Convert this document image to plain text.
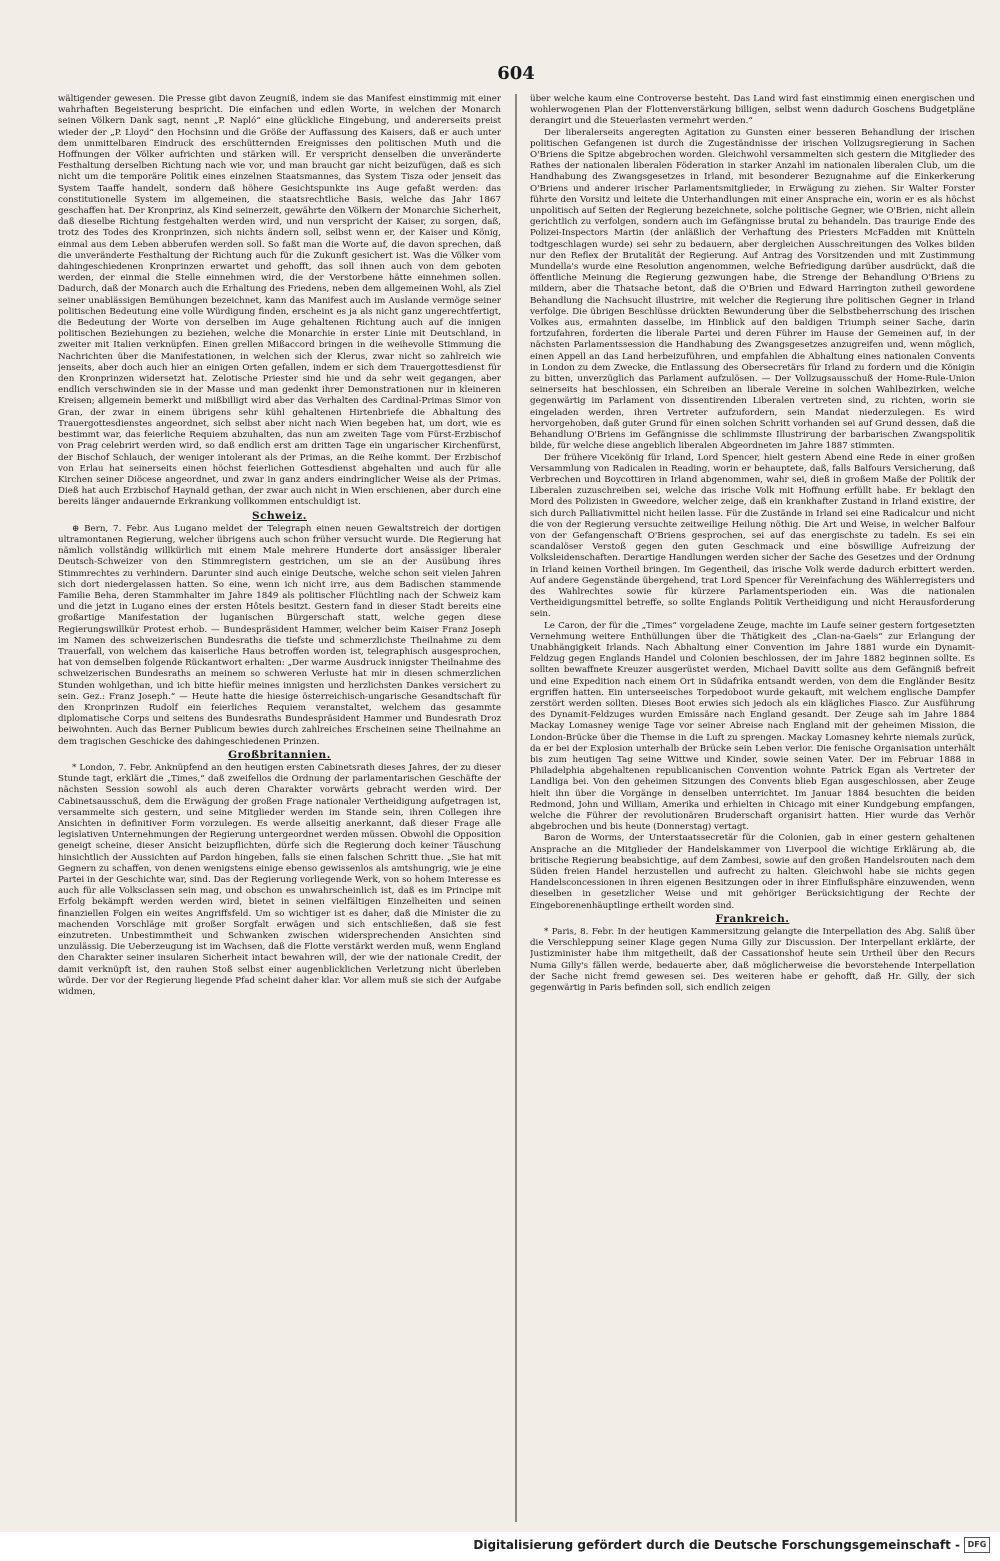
604

wältigender gewesen. Die Presse gibt davon Zeugniß, indem sie das Manifest einstimmig mit einer wahrhaften Begeisterung bespricht. Die einfachen und edlen Worte, in welchen der Monarch seinen Völkern Dank sagt, nennt „P. Napló“ eine glückliche Eingebung, und andererseits preist wieder der „P. Lloyd“ den Hochsinn und die Größe der Auffassung des Kaisers, daß er auch unter dem unmittelbaren Eindruck des erschütternden Ereignisses den politischen Muth und die Hoffnungen der Völker aufrichten und stärken will. Er verspricht denselben die unveränderte Festhaltung derselben Richtung nach wie vor, und man braucht gar nicht beizufügen, daß es sich nicht um die temporäre Politik eines einzelnen Staatsmannes, das System Tisza oder jenseit das System Taaffe handelt, sondern daß höhere Gesichtspunkte ins Auge gefaßt werden: das constitutionelle System im allgemeinen, die staatsrechtliche Basis, welche das Jahr 1867 geschaffen hat. Der Kronprinz, als Kind seinerzeit, gewährte den Völkern der Monarchie Sicherheit, daß dieselbe Richtung festgehalten werden wird, und nun verspricht der Kaiser, zu sorgen, daß, trotz des Todes des Kronprinzen, sich nichts ändern soll, selbst wenn er, der Kaiser und König, einmal aus dem Leben abberufen werden soll. So faßt man die Worte auf, die davon sprechen, daß die unveränderte Festhaltung der Richtung auch für die Zukunft gesichert ist. Was die Völker vom dahingeschiedenen Kronprinzen erwartet und gehofft, das soll ihnen auch von dem geboten werden, der einmal die Stelle einnehmen wird, die der Verstorbene hätte einnehmen sollen. Dadurch, daß der Monarch auch die Erhaltung des Friedens, neben dem allgemeinen Wohl, als Ziel seiner unablässigen Bemühungen bezeichnet, kann das Manifest auch im Auslande vermöge seiner politischen Bedeutung eine volle Würdigung finden, erscheint es ja als nicht ganz ungerechtfertigt, die Bedeutung der Worte von derselben im Auge gehaltenen Richtung auch auf die innigen politischen Beziehungen zu beziehen, welche die Monarchie in erster Linie mit Deutschland, in zweiter mit Italien verknüpfen. Einen grellen Mißaccord bringen in die weihevolle Stimmung die Nachrichten über die Manifestationen, in welchen sich der Klerus, zwar nicht so zahlreich wie jenseits, aber doch auch hier an einigen Orten gefallen, indem er sich dem Trauergottesdienst für den Kronprinzen widersetzt hat. Zelotische Priester sind hie und da sehr weit gegangen, aber endlich verschwinden sie in der Masse und man gedenkt ihrer Demonstrationen nur in kleineren Kreisen; allgemein bemerkt und mißbilligt wird aber das Verhalten des Cardinal-Primas Simor von Gran, der zwar in einem übrigens sehr kühl gehaltenen Hirtenbriefe die Abhaltung des Trauergottesdienstes angeordnet, sich selbst aber nicht nach Wien begeben hat, um dort, wie es bestimmt war, das feierliche Requiem abzuhalten, das nun am zweiten Tage vom Fürst-Erzbischof von Prag celebrirt werden wird, so daß endlich erst am dritten Tage ein ungarischer Kirchenfürst, der Bischof Schlauch, der weniger intolerant als der Primas, an die Reihe kommt. Der Erzbischof von Erlau hat seinerseits einen höchst feierlichen Gottesdienst abgehalten und auch für alle Kirchen seiner Diöcese angeordnet, und zwar in ganz anders eindringlicher Weise als der Primas. Dieß hat auch Erzbischof Haynald gethan, der zwar auch nicht in Wien erschienen, aber durch eine bereits länger andauernde Erkrankung vollkommen entschuldigt ist.

Schweiz.

⊕ Bern, 7. Febr. Aus Lugano meldet der Telegraph einen neuen Gewaltstreich der dortigen ultramontanen Regierung, welcher übrigens auch schon früher versucht wurde. Die Regierung hat nämlich vollständig willkürlich mit einem Male mehrere Hunderte dort ansässiger liberaler Deutsch-Schweizer von den Stimmregistern gestrichen, um sie an der Ausübung ihres Stimmrechtes zu verhindern. Darunter sind auch einige Deutsche, welche schon seit vielen Jahren sich dort niedergelassen hatten. So eine, wenn ich nicht irre, aus dem Badischen stammende Familie Beha, deren Stammhalter im Jahre 1849 als politischer Flüchtling nach der Schweiz kam und die jetzt in Lugano eines der ersten Hôtels besitzt. Gestern fand in dieser Stadt bereits eine großartige Manifestation der luganischen Bürgerschaft statt, welche gegen diese Regierungswillkür Protest erhob. — Bundespräsident Hammer, welcher beim Kaiser Franz Joseph im Namen des schweizerischen Bundesraths die tiefste und schmerzlichste Theilnahme zu dem Trauerfall, von welchem das kaiserliche Haus betroffen worden ist, telegraphisch ausgesprochen, hat von demselben folgende Rückantwort erhalten: „Der warme Ausdruck innigster Theilnahme des schweizerischen Bundesraths an meinem so schweren Verluste hat mir in diesen schmerzlichen Stunden wohlgethan, und ich bitte hiefür meines innigsten und herzlichsten Dankes versichert zu sein. Gez.: Franz Joseph.“ — Heute hatte die hiesige österreichisch-ungarische Gesandtschaft für den Kronprinzen Rudolf ein feierliches Requiem veranstaltet, welchem das gesammte diplomatische Corps und seitens des Bundesraths Bundespräsident Hammer und Bundesrath Droz beiwohnten. Auch das Berner Publicum bewies durch zahlreiches Erscheinen seine Theilnahme an dem tragischen Geschicke des dahingeschiedenen Prinzen.

Großbritannien.

* London, 7. Febr. Anknüpfend an den heutigen ersten Cabinetsrath dieses Jahres, der zu dieser Stunde tagt, erklärt die „Times,“ daß zweifellos die Ordnung der parlamentarischen Geschäfte der nächsten Session sowohl als auch deren Charakter vorwärts gebracht werden wird. Der Cabinetsausschuß, dem die Erwägung der großen Frage nationaler Vertheidigung aufgetragen ist, versammelte sich gestern, und seine Mitglieder werden im Stande sein, ihren Collegen ihre Ansichten in definitiver Form vorzulegen. Es werde allseitig anerkannt, daß dieser Frage alle legislativen Unternehmungen der Regierung untergeordnet werden müssen. Obwohl die Opposition geneigt scheine, dieser Ansicht beizupflichten, dürfe sich die Regierung doch keiner Täuschung hinsichtlich der Aussichten auf Pardon hingeben, falls sie einen falschen Schritt thue. „Sie hat mit Gegnern zu schaffen, von denen wenigstens einige ebenso gewissenlos als amtshungrig, wie je eine Partei in der Geschichte war, sind. Das der Regierung vorliegende Werk, von so hohem Interesse es auch für alle Volksclassen sein mag, und obschon es unwahrscheinlich ist, daß es im Principe mit Erfolg bekämpft werden werden wird, bietet in seinen vielfältigen Einzelheiten und seinen finanziellen Folgen ein weites Angriffsfeld. Um so wichtiger ist es daher, daß die Minister die zu machenden Vorschläge mit großer Sorgfalt erwägen und sich entschließen, daß sie fest einzutreten. Unbestimmtheit und Schwanken zwischen widersprechenden Ansichten sind unzulässig. Die Ueberzeugung ist im Wachsen, daß die Flotte verstärkt werden muß, wenn England den Charakter seiner insularen Sicherheit intact bewahren will, der wie der nationale Credit, der damit verknüpft ist, den rauhen Stoß selbst einer augenblicklichen Verletzung nicht überleben würde. Der vor der Regierung liegende Pfad scheint daher klar. Vor allem muß sie sich der Aufgabe widmen,

über welche kaum eine Controverse besteht. Das Land wird fast einstimmig einen energischen und wohlerwogenen Plan der Flottenverstärkung billigen, selbst wenn dadurch Goschens Budgetpläne derangirt und die Steuerlasten vermehrt werden.“

Der liberalerseits angeregten Agitation zu Gunsten einer besseren Behandlung der irischen politischen Gefangenen ist durch die Zugeständnisse der irischen Vollzugsregierung in Sachen O'Briens die Spitze abgebrochen worden. Gleichwohl versammelten sich gestern die Mitglieder des Rathes der nationalen liberalen Föderation in starker Anzahl im nationalen liberalen Club, um die Handhabung des Zwangsgesetzes in Irland, mit besonderer Bezugnahme auf die Einkerkerung O'Briens und anderer irischer Parlamentsmitglieder, in Erwägung zu ziehen. Sir Walter Forster führte den Vorsitz und leitete die Unterhandlungen mit einer Ansprache ein, worin er es als höchst unpolitisch auf Seiten der Regierung bezeichnete, solche politische Gegner, wie O'Brien, nicht allein gerichtlich zu verfolgen, sondern auch im Gefängnisse brutal zu behandeln. Das traurige Ende des Polizei-Inspectors Martin (der anläßlich der Verhaftung des Priesters McFadden mit Knütteln todtgeschlagen wurde) sei sehr zu bedauern, aber dergleichen Ausschreitungen des Volkes bilden nur den Reflex der Brutalität der Regierung. Auf Antrag des Vorsitzenden und mit Zustimmung Mundella's wurde eine Resolution angenommen, welche Befriedigung darüber ausdrückt, daß die öffentliche Meinung die Regierung gezwungen habe, die Strenge der Behandlung O'Briens zu mildern, aber die Thatsache betont, daß die O'Brien und Edward Harrington zutheil gewordene Behandlung die Nachsucht illustrire, mit welcher die Regierung ihre politischen Gegner in Irland verfolge. Die übrigen Beschlüsse drückten Bewunderung über die Selbstbeherrschung des irischen Volkes aus, ermahnten dasselbe, im Hinblick auf den baldigen Triumph seiner Sache, darin fortzufahren, forderten die liberale Partei und deren Führer im Hause der Gemeinen auf, in der nächsten Parlamentssession die Handhabung des Zwangsgesetzes anzugreifen und, wenn möglich, einen Appell an das Land herbeizuführen, und empfahlen die Abhaltung eines nationalen Convents in London zu dem Zwecke, die Entlassung des Obersecretärs für Irland zu fordern und die Königin zu bitten, unverzüglich das Parlament aufzulösen. — Der Vollzugsausschuß der Home-Rule-Union seinerseits hat beschlossen, ein Schreiben an liberale Vereine in solchen Wahlbezirken, welche gegenwärtig im Parlament von dissentirenden Liberalen vertreten sind, zu richten, worin sie eingeladen werden, ihren Vertreter aufzufordern, sein Mandat niederzulegen. Es wird hervorgehoben, daß guter Grund für einen solchen Schritt vorhanden sei auf Grund dessen, daß die Behandlung O'Briens im Gefängnisse die schlimmste Illustrirung der barbarischen Zwangspolitik bilde, für welche diese angeblich liberalen Abgeordneten im Jahre 1887 stimmten.

Der frühere Vicekönig für Irland, Lord Spencer, hielt gestern Abend eine Rede in einer großen Versammlung von Radicalen in Reading, worin er behauptete, daß, falls Balfours Versicherung, daß Verbrechen und Boycottiren in Irland abgenommen, wahr sei, dieß in großem Maße der Politik der Liberalen zuzuschreiben sei, welche das irische Volk mit Hoffnung erfüllt habe. Er beklagt den Mord des Polizisten in Gweedore, welcher zeige, daß ein krankhafter Zustand in Irland existire, der sich durch Palliativmittel nicht heilen lasse. Für die Zustände in Irland sei eine Radicalcur und nicht die von der Regierung versuchte zeitweilige Heilung nöthig. Die Art und Weise, in welcher Balfour von der Gefangenschaft O'Briens gesprochen, sei auf das energischste zu tadeln. Es sei ein scandalöser Verstoß gegen den guten Geschmack und eine böswillige Aufreizung der Volksleidenschaften. Derartige Handlungen werden sicher der Sache des Gesetzes und der Ordnung in Irland keinen Vortheil bringen. Im Gegentheil, das irische Volk werde dadurch erbittert werden. Auf andere Gegenstände übergehend, trat Lord Spencer für Vereinfachung des Wählerregisters und des Wahlrechtes sowie für kürzere Parlamentsperioden ein. Was die nationalen Vertheidigungsmittel betreffe, so sollte Englands Politik Vertheidigung und nicht Herausforderung sein.

Le Caron, der für die „Times“ vorgeladene Zeuge, machte im Laufe seiner gestern fortgesetzten Vernehmung weitere Enthüllungen über die Thätigkeit des „Clan-na-Gaels“ zur Erlangung der Unabhängigkeit Irlands. Nach Abhaltung einer Convention im Jahre 1881 wurde ein Dynamit-Feldzug gegen Englands Handel und Colonien beschlossen, der im Jahre 1882 beginnen sollte. Es sollten bewaffnete Kreuzer ausgerüstet werden, Michael Davitt sollte aus dem Gefängniß befreit und eine Expedition nach einem Ort in Südafrika entsandt werden, von dem die Engländer Besitz ergriffen hatten. Ein unterseeisches Torpedoboot wurde gekauft, mit welchem englische Dampfer zerstört werden sollten. Dieses Boot erwies sich jedoch als ein klägliches Fiasco. Zur Ausführung des Dynamit-Feldzuges wurden Emissäre nach England gesandt. Der Zeuge sah im Jahre 1884 Mackay Lomasney wenige Tage vor seiner Abreise nach England mit der geheimen Mission, die London-Brücke über die Themse in die Luft zu sprengen. Mackay Lomasney kehrte niemals zurück, da er bei der Explosion unterhalb der Brücke sein Leben verlor. Die fenische Organisation unterhält bis zum heutigen Tag seine Wittwe und Kinder, sowie seinen Vater. Der im Februar 1888 in Philadelphia abgehaltenen republicanischen Convention wohnte Patrick Egan als Vertreter der Landliga bei. Von den geheimen Sitzungen des Convents blieb Egan ausgeschlossen, aber Zeuge hielt ihn über die Vorgänge in denselben unterrichtet. Im Januar 1884 besuchten die beiden Redmond, John und William, Amerika und erhielten in Chicago mit einer Kundgebung empfangen, welche die Führer der revolutionären Bruderschaft organisirt hatten. Hier wurde das Verhör abgebrochen und bis heute (Donnerstag) vertagt.

Baron de Worms, der Unterstaatssecretär für die Colonien, gab in einer gestern gehaltenen Ansprache an die Mitglieder der Handelskammer von Liverpool die wichtige Erklärung ab, die britische Regierung beabsichtige, auf dem Zambesi, sowie auf den großen Handelsrouten nach dem Süden freien Handel herzustellen und aufrecht zu halten. Gleichwohl habe sie nichts gegen Handelsconcessionen in ihren eigenen Besitzungen oder in ihrer Einflußsphäre einzuwenden, wenn dieselben in gesetzlicher Weise und mit gehöriger Berücksichtigung der Rechte der Eingeborenenhäuptlinge ertheilt worden sind.

Frankreich.

* Paris, 8. Febr. In der heutigen Kammersitzung gelangte die Interpellation des Abg. Saliß über die Verschleppung seiner Klage gegen Numa Gilly zur Discussion. Der Interpellant erklärte, der Justizminister habe ihm mitgetheilt, daß der Cassationshof heute sein Urtheil über den Recurs Numa Gilly's fällen werde, bedauerte aber, daß möglicherweise die bevorstehende Interpellation der Sache nicht fremd gewesen sei. Des weiteren habe er gehofft, daß Hr. Gilly, der sich gegenwärtig in Paris befinden soll, sich endlich zeigen

Digitalisierung gefördert durch die Deutsche Forschungsgemeinschaft - DFG
